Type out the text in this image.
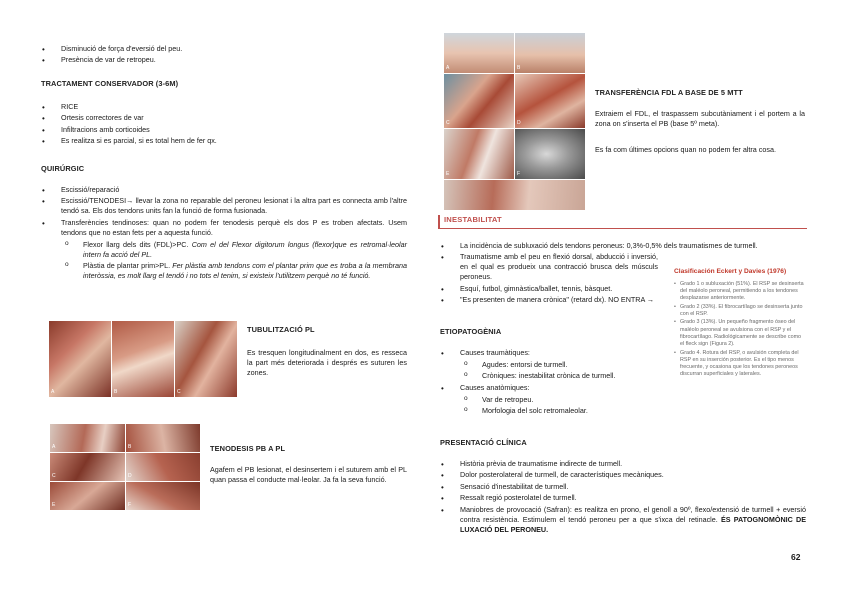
• Disminució de força d'eversió del peu.
• Presència de var de retropeu.
TRACTAMENT CONSERVADOR (3-6M)
• RICE
• Ortesis correctores de var
• Infiltracions amb corticoides
• Es realitza si es parcial, si es total hem de fer qx.
QUIRÚRGIC
• Escissió/reparació
• Escissió/TENODESI→ llevar la zona no reparable del peroneu lesionat i la altra part es connecta amb l'altre tendó sa. Els dos tendons units fan la funció de forma fusionada.
• Transferències tendinoses: quan no podem fer tenodesis perquè els dos P es troben afectats. Usem tendons que no estan fets per a aquesta funció.
o Flexor llarg dels dits (FDL)>PC. Com el del Flexor digitorum longus (flexor)que es retromal·leolar intern fa acció del PL.
o Plàstia de plantar prim>PL. Fer plàstia amb tendons com el plantar prim que es troba a la membrana interòssia, es molt llarg el tendó i no tots el tenim, si existeix l'utilitzem perquè no té funció.
A	B	C
TUBULITZACIÓ PL
Es tresquen longitudinalment en dos, es resseca la part més deteriorada i després es suturen les zones.
A	B
C	D
E	F
TENODESIS PB A PL
Agafem el PB lesionat, el desinsertem i el suturem amb el PL quan passa el conducte mal·leolar. Ja fa la seva funció.
A	B
C	D
E	F
TRANSFERÈNCIA FDL A BASE DE 5 MTT
Extraiem el FDL, el traspassem subcutàniament i el portem a la zona on s'inserta el PB (base 5º meta).
Es fa com últimes opcions quan no podem fer altra cosa.
INESTABILITAT
• La incidència de subluxació dels tendons peroneus: 0,3%-0,5% dels traumatismes de turmell.
• Traumatisme amb el peu en flexió dorsal, abducció i inversió, en el qual es produeix una contracció brusca dels músculs peroneus.
• Esquí, futbol, gimnàstica/ballet, tennis, bàsquet.
• "Es presenten de manera crònica" (retard dx). NO ENTRA →
ETIOPATOGÈNIA
• Causes traumàtiques:
o Agudes: entorsi de turmell.
o Cròniques: inestabilitat crònica de turmell.
• Causes anatòmiques:
o Var de retropeu.
o Morfologia del solc retromaleolar.
Clasificación Eckert y Davies (1976)
• Grado 1 o subluxación (51%). El RSP se desinserta del maléolo peroneal, permitiendo a los tendones desplazarse anteriormente.
• Grado 2 (33%). El fibrocartílago se desinserta junto con el RSP.
• Grado 3 (13%). Un pequeño fragmento óseo del maléolo peroneal se avulsiona con el RSP y el fibrocartílago. Radiológicamente se describe como el fleck sign (Figura 2).
• Grado 4. Rotura del RSP, o avulsión completa del RSP en su inserción posterior. Es el tipo menos frecuente, y ocasiona que los tendones peroneos discurran superficiales y laterales.
PRESENTACIÓ CLÍNICA
• Història prèvia de traumatisme indirecte de turmell.
• Dolor posterolateral de turmell, de característiques mecàniques.
• Sensació d'inestabilitat de turmell.
• Ressalt regió posterolatel de turmell.
• Maniobres de provocació (Safran): es realitza en prono, el genoll a 90º, flexo/extensió de turmell + eversió contra resistència. Estimulem el tendó peroneu per a que s'ixca del retinacle. ÉS PATOGNOMÒNIC DE LUXACIÓ DEL PERONEU.
62
